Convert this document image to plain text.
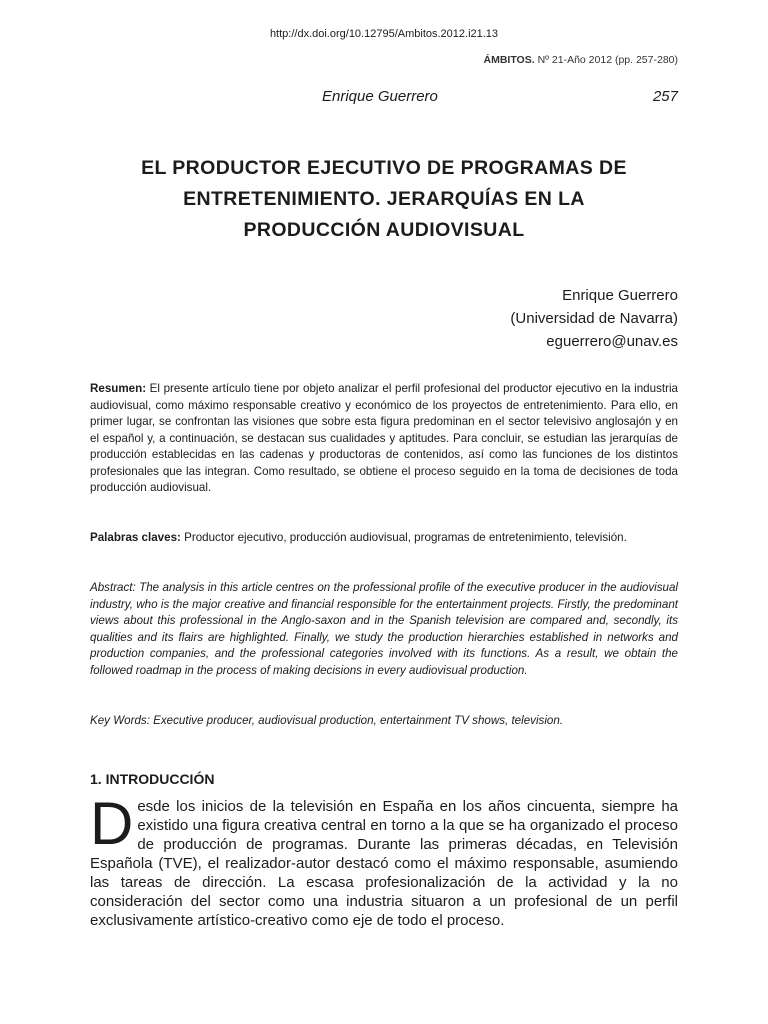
http://dx.doi.org/10.12795/Ambitos.2012.i21.13
ÁMBITOS. Nº 21-Año 2012 (pp. 257-280)
Enrique Guerrero	257
EL PRODUCTOR EJECUTIVO DE PROGRAMAS DE
ENTRETENIMIENTO. JERARQUÍAS EN LA
PRODUCCIÓN AUDIOVISUAL
Enrique Guerrero
(Universidad de Navarra)
eguerrero@unav.es
Resumen: El presente artículo tiene por objeto analizar el perfil profesional del productor ejecutivo en la industria audiovisual, como máximo responsable creativo y económico de los proyectos de entretenimiento. Para ello, en primer lugar, se confrontan las visiones que sobre esta figura predominan en el sector televisivo anglosajón y en el español y, a continuación, se destacan sus cualidades y aptitudes. Para concluir, se estudian las jerarquías de producción establecidas en las cadenas y productoras de contenidos, así como las funciones de los distintos profesionales que las integran. Como resultado, se obtiene el proceso seguido en la toma de decisiones de toda producción audiovisual.
Palabras claves: Productor ejecutivo, producción audiovisual, programas de entretenimiento, televisión.
Abstract: The analysis in this article centres on the professional profile of the executive producer in the audiovisual industry, who is the major creative and financial responsible for the entertainment projects. Firstly, the predominant views about this professional in the Anglo-saxon and in the Spanish television are compared and, secondly, its qualities and its flairs are highlighted. Finally, we study the production hierarchies established in networks and production companies, and the professional categories involved with its functions. As a result, we obtain the followed roadmap in the process of making decisions in every audiovisual production.
Key Words: Executive producer, audiovisual production, entertainment TV shows, television.
1. INTRODUCCIÓN
Desde los inicios de la televisión en España en los años cincuenta, siempre ha existido una figura creativa central en torno a la que se ha organizado el proceso de producción de programas. Durante las primeras décadas, en Televisión Española (TVE), el realizador-autor destacó como el máximo responsable, asumiendo las tareas de dirección. La escasa profesionalización de la actividad y la no consideración del sector como una industria situaron a un profesional de un perfil exclusivamente artístico-creativo como eje de todo el proceso.
